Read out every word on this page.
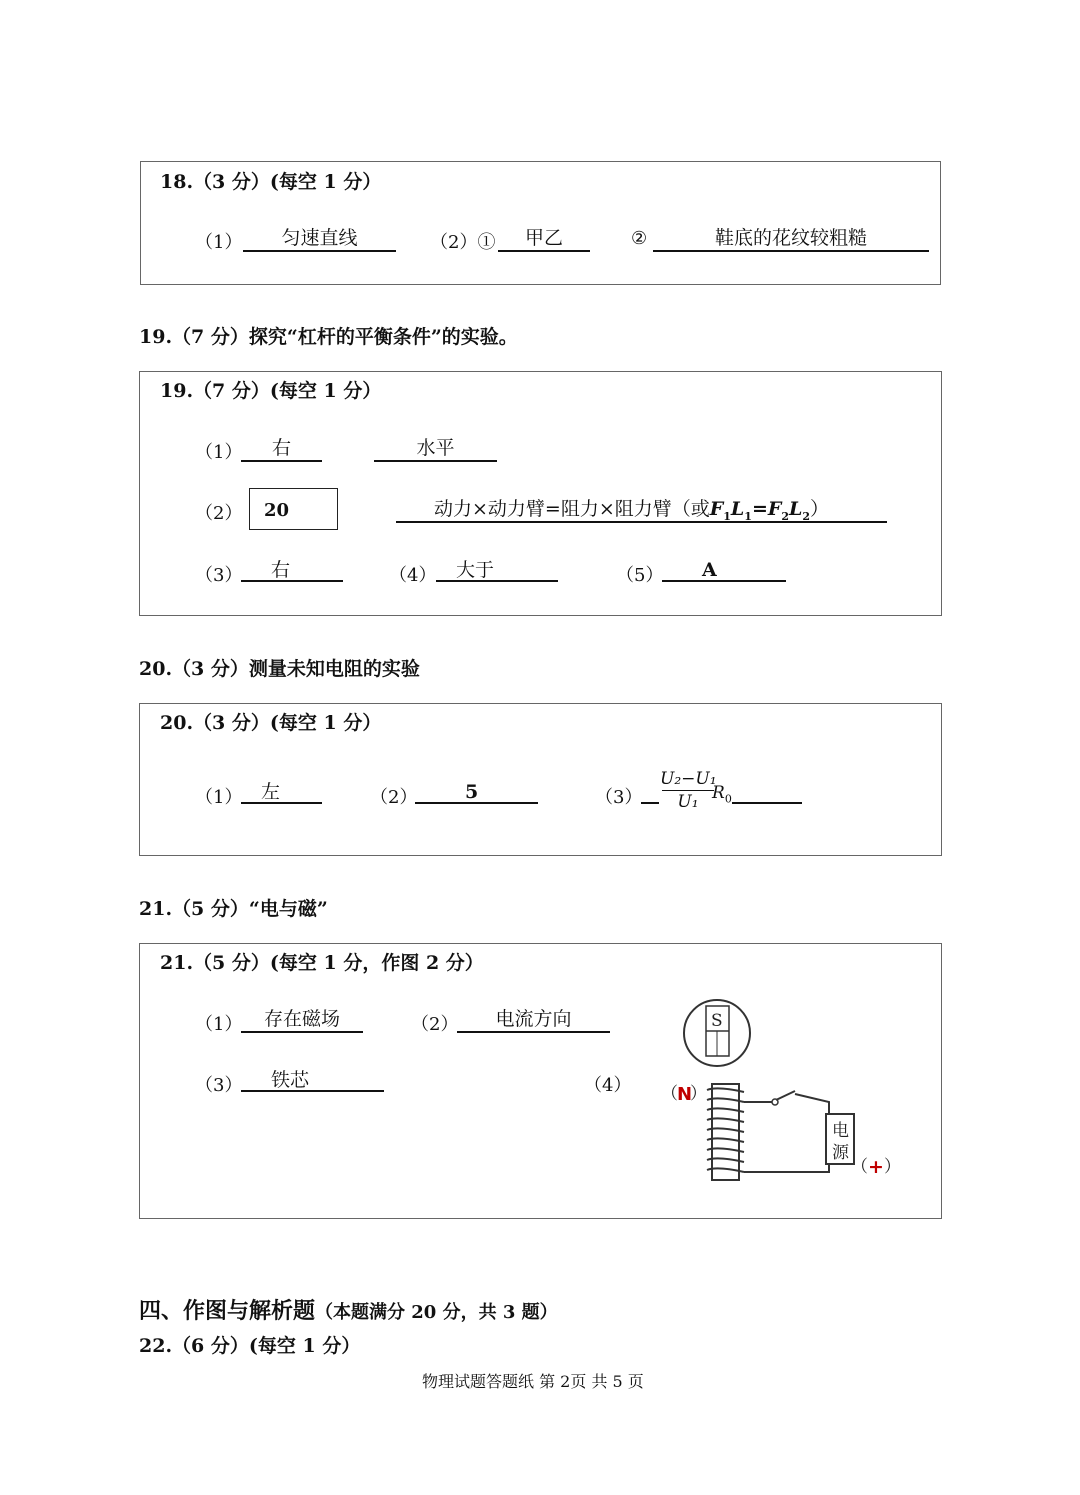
18.（3 分）(每空 1 分）
（1）	匀速直线	（2）①	甲乙	②	鞋底的花纹较粗糙
19.（7 分）探究“杠杆的平衡条件”的实验。
19.（7 分）(每空 1 分）
（1）	右	水平
（2） 20	动力×动力臂=阻力×阻力臂（或$F_1L_1=F_2L_2$）
（3）	右	（4）	大于	（5）	A
20.（3 分）测量未知电阻的实验
20.（3 分）(每空 1 分）
（1） 左	（2）	5	（3）
U₂−U₁
U₁ $R_0$
21.（5 分）“电与磁”
21.（5 分）(每空 1 分，作图 2 分）
（1）	存在磁场	（2）	电流方向
（3）	铁芯	（4）
S
电
源
（ N
）
（ + ）
四、作图与解析题（本题满分 20 分，共 3 题）
22.（6 分）(每空 1 分）
物理试题答题纸 第 2页 共 5 页
